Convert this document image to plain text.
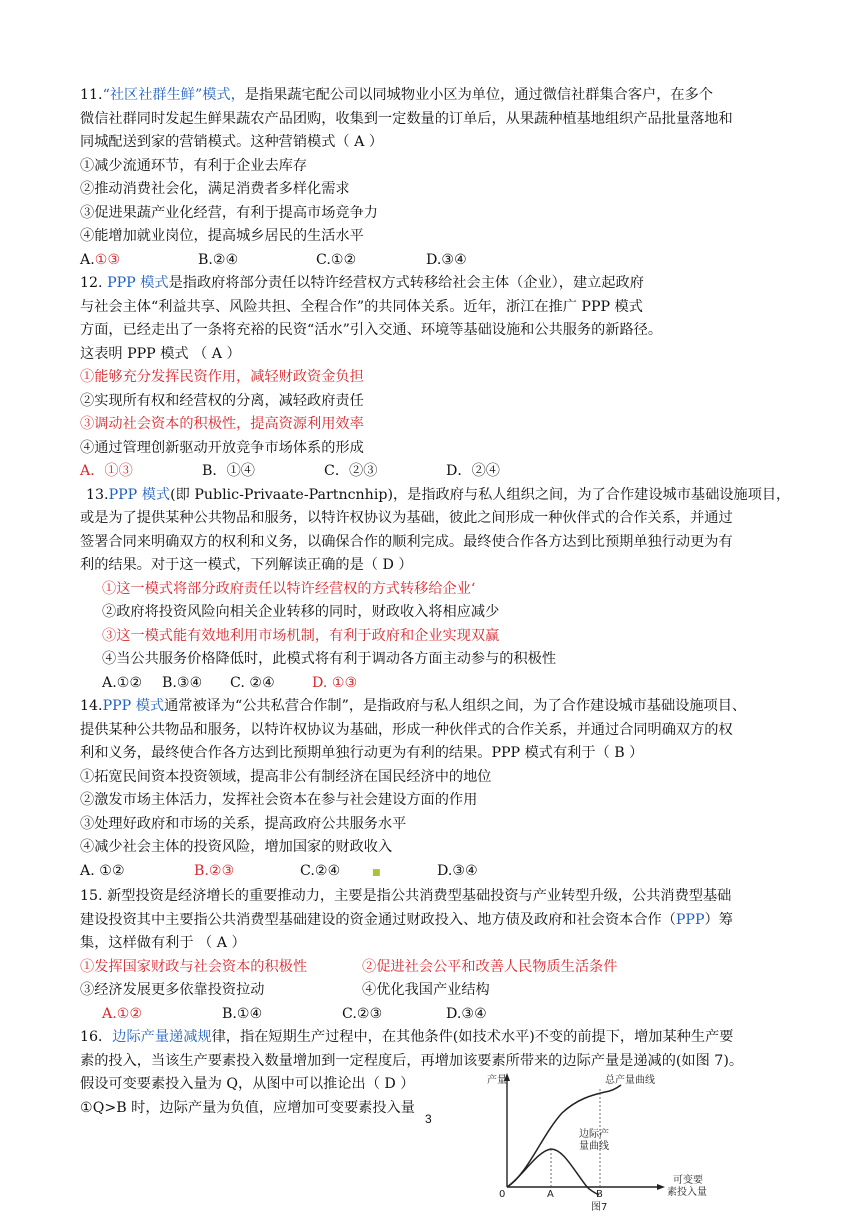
11.“社区社群生鲜”模式，是指果蔬宅配公司以同城物业小区为单位，通过微信社群集合客户，在多个

微信社群同时发起生鲜果蔬农产品团购，收集到一定数量的订单后，从果蔬种植基地组织产品批量落地和

同城配送到家的营销模式。这种营销模式（ A ）

①减少流通环节，有利于企业去库存

②推动消费社会化，满足消费者多样化需求

③促进果蔬产业化经营，有利于提高市场竞争力

④能增加就业岗位，提高城乡居民的生活水平

A.①③	B.②④	C.①②	D.③④

12. PPP 模式是指政府将部分责任以特许经营权方式转移给社会主体（企业），建立起政府

与社会主体“利益共享、风险共担、全程合作”的共同体关系。近年，浙江在推广 PPP 模式

方面，已经走出了一条将充裕的民资“活水”引入交通、环境等基础设施和公共服务的新路径。

这表明 PPP 模式 （ A ）

①能够充分发挥民资作用，减轻财政资金负担

②实现所有权和经营权的分离，减轻政府责任

③调动社会资本的积极性，提高资源利用效率

④通过管理创新驱动开放竞争市场体系的形成

A．①③	B．①④	C．②③	D．②④

13.PPP 模式(即 Public-Privaate-Partncnhip)，是指政府与私人组织之间，为了合作建设城市基础设施项目，

或是为了提供某种公共物品和服务，以特许权协议为基础，彼此之间形成一种伙伴式的合作关系，并通过

签署合同来明确双方的权利和义务，以确保合作的顺利完成。最终使合作各方达到比预期单独行动更为有

利的结果。对于这一模式，下列解读正确的是（ D ）

①这一模式将部分政府责任以特许经营权的方式转移给企业‘

②政府将投资风险向相关企业转移的同时，财政收入将相应减少

③这一模式能有效地利用市场机制，有利于政府和企业实现双赢

④当公共服务价格降低时，此模式将有利于调动各方面主动参与的积极性

A.①② B.③④ C. ②④	D. ①③

14.PPP 模式通常被译为“公共私营合作制”，是指政府与私人组织之间，为了合作建设城市基础设施项目、

提供某种公共物品和服务，以特许权协议为基础，形成一种伙伴式的合作关系，并通过合同明确双方的权

利和义务，最终使合作各方达到比预期单独行动更为有利的结果。PPP 模式有利于（ B ）

①拓宽民间资本投资领域，提高非公有制经济在国民经济中的地位

②激发市场主体活力，发挥社会资本在参与社会建设方面的作用

③处理好政府和市场的关系，提高政府公共服务水平

④减少社会主体的投资风险，增加国家的财政收入

A. ①②	B.②③	C.②④	■	D.③④

15. 新型投资是经济增长的重要推动力，主要是指公共消费型基础投资与产业转型升级，公共消费型基础

建设投资其中主要指公共消费型基础建设的资金通过财政投入、地方债及政府和社会资本合作（PPP）筹

集，这样做有利于 （ A ）

①发挥国家财政与社会资本的积极性	②促进社会公平和改善人民物质生活条件

③经济发展更多依靠投资拉动	④优化我国产业结构

A.①②	B.①④	C.②③	D.③④

16．边际产量递减规律，指在短期生产过程中，在其他条件(如技术水平)不变的前提下，增加某种生产要

素的投入，当该生产要素投入数量增加到一定程度后，再增加该要素所带来的边际产量是递减的(如图 7)。

假设可变要素投入量为 Q，从图中可以推论出（ D ）

①Q>B 时，边际产量为负值，应增加可变要素投入量

3
产量	总产量曲线
边际产
量曲线
可变要
素投入量
0	A	B
图7
